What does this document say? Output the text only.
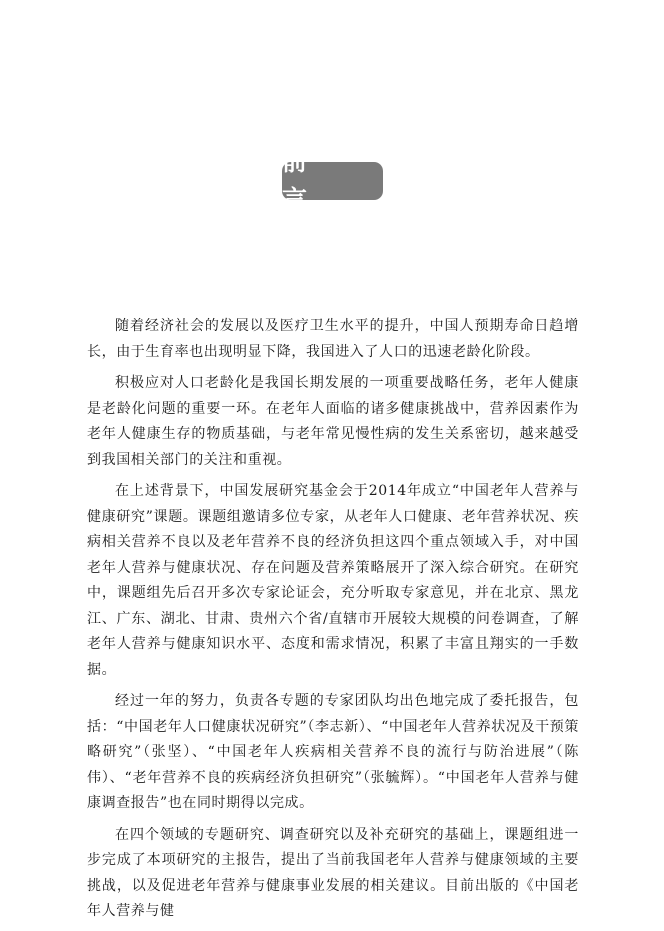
前　言

随着经济社会的发展以及医疗卫生水平的提升，中国人预期寿命日趋增长，由于生育率也出现明显下降，我国进入了人口的迅速老龄化阶段。

积极应对人口老龄化是我国长期发展的一项重要战略任务，老年人健康是老龄化问题的重要一环。在老年人面临的诸多健康挑战中，营养因素作为老年人健康生存的物质基础，与老年常见慢性病的发生关系密切，越来越受到我国相关部门的关注和重视。

在上述背景下，中国发展研究基金会于2014年成立“中国老年人营养与健康研究”课题。课题组邀请多位专家，从老年人口健康、老年营养状况、疾病相关营养不良以及老年营养不良的经济负担这四个重点领域入手，对中国老年人营养与健康状况、存在问题及营养策略展开了深入综合研究。在研究中，课题组先后召开多次专家论证会，充分听取专家意见，并在北京、黑龙江、广东、湖北、甘肃、贵州六个省/直辖市开展较大规模的问卷调查，了解老年人营养与健康知识水平、态度和需求情况，积累了丰富且翔实的一手数据。

经过一年的努力，负责各专题的专家团队均出色地完成了委托报告，包括：“中国老年人口健康状况研究”（李志新）、“中国老年人营养状况及干预策略研究”（张坚）、“中国老年人疾病相关营养不良的流行与防治进展”（陈伟）、“老年营养不良的疾病经济负担研究”（张毓辉）。“中国老年人营养与健康调查报告”也在同时期得以完成。

在四个领域的专题研究、调查研究以及补充研究的基础上，课题组进一步完成了本项研究的主报告，提出了当前我国老年人营养与健康领域的主要挑战，以及促进老年营养与健康事业发展的相关建议。目前出版的《中国老年人营养与健
